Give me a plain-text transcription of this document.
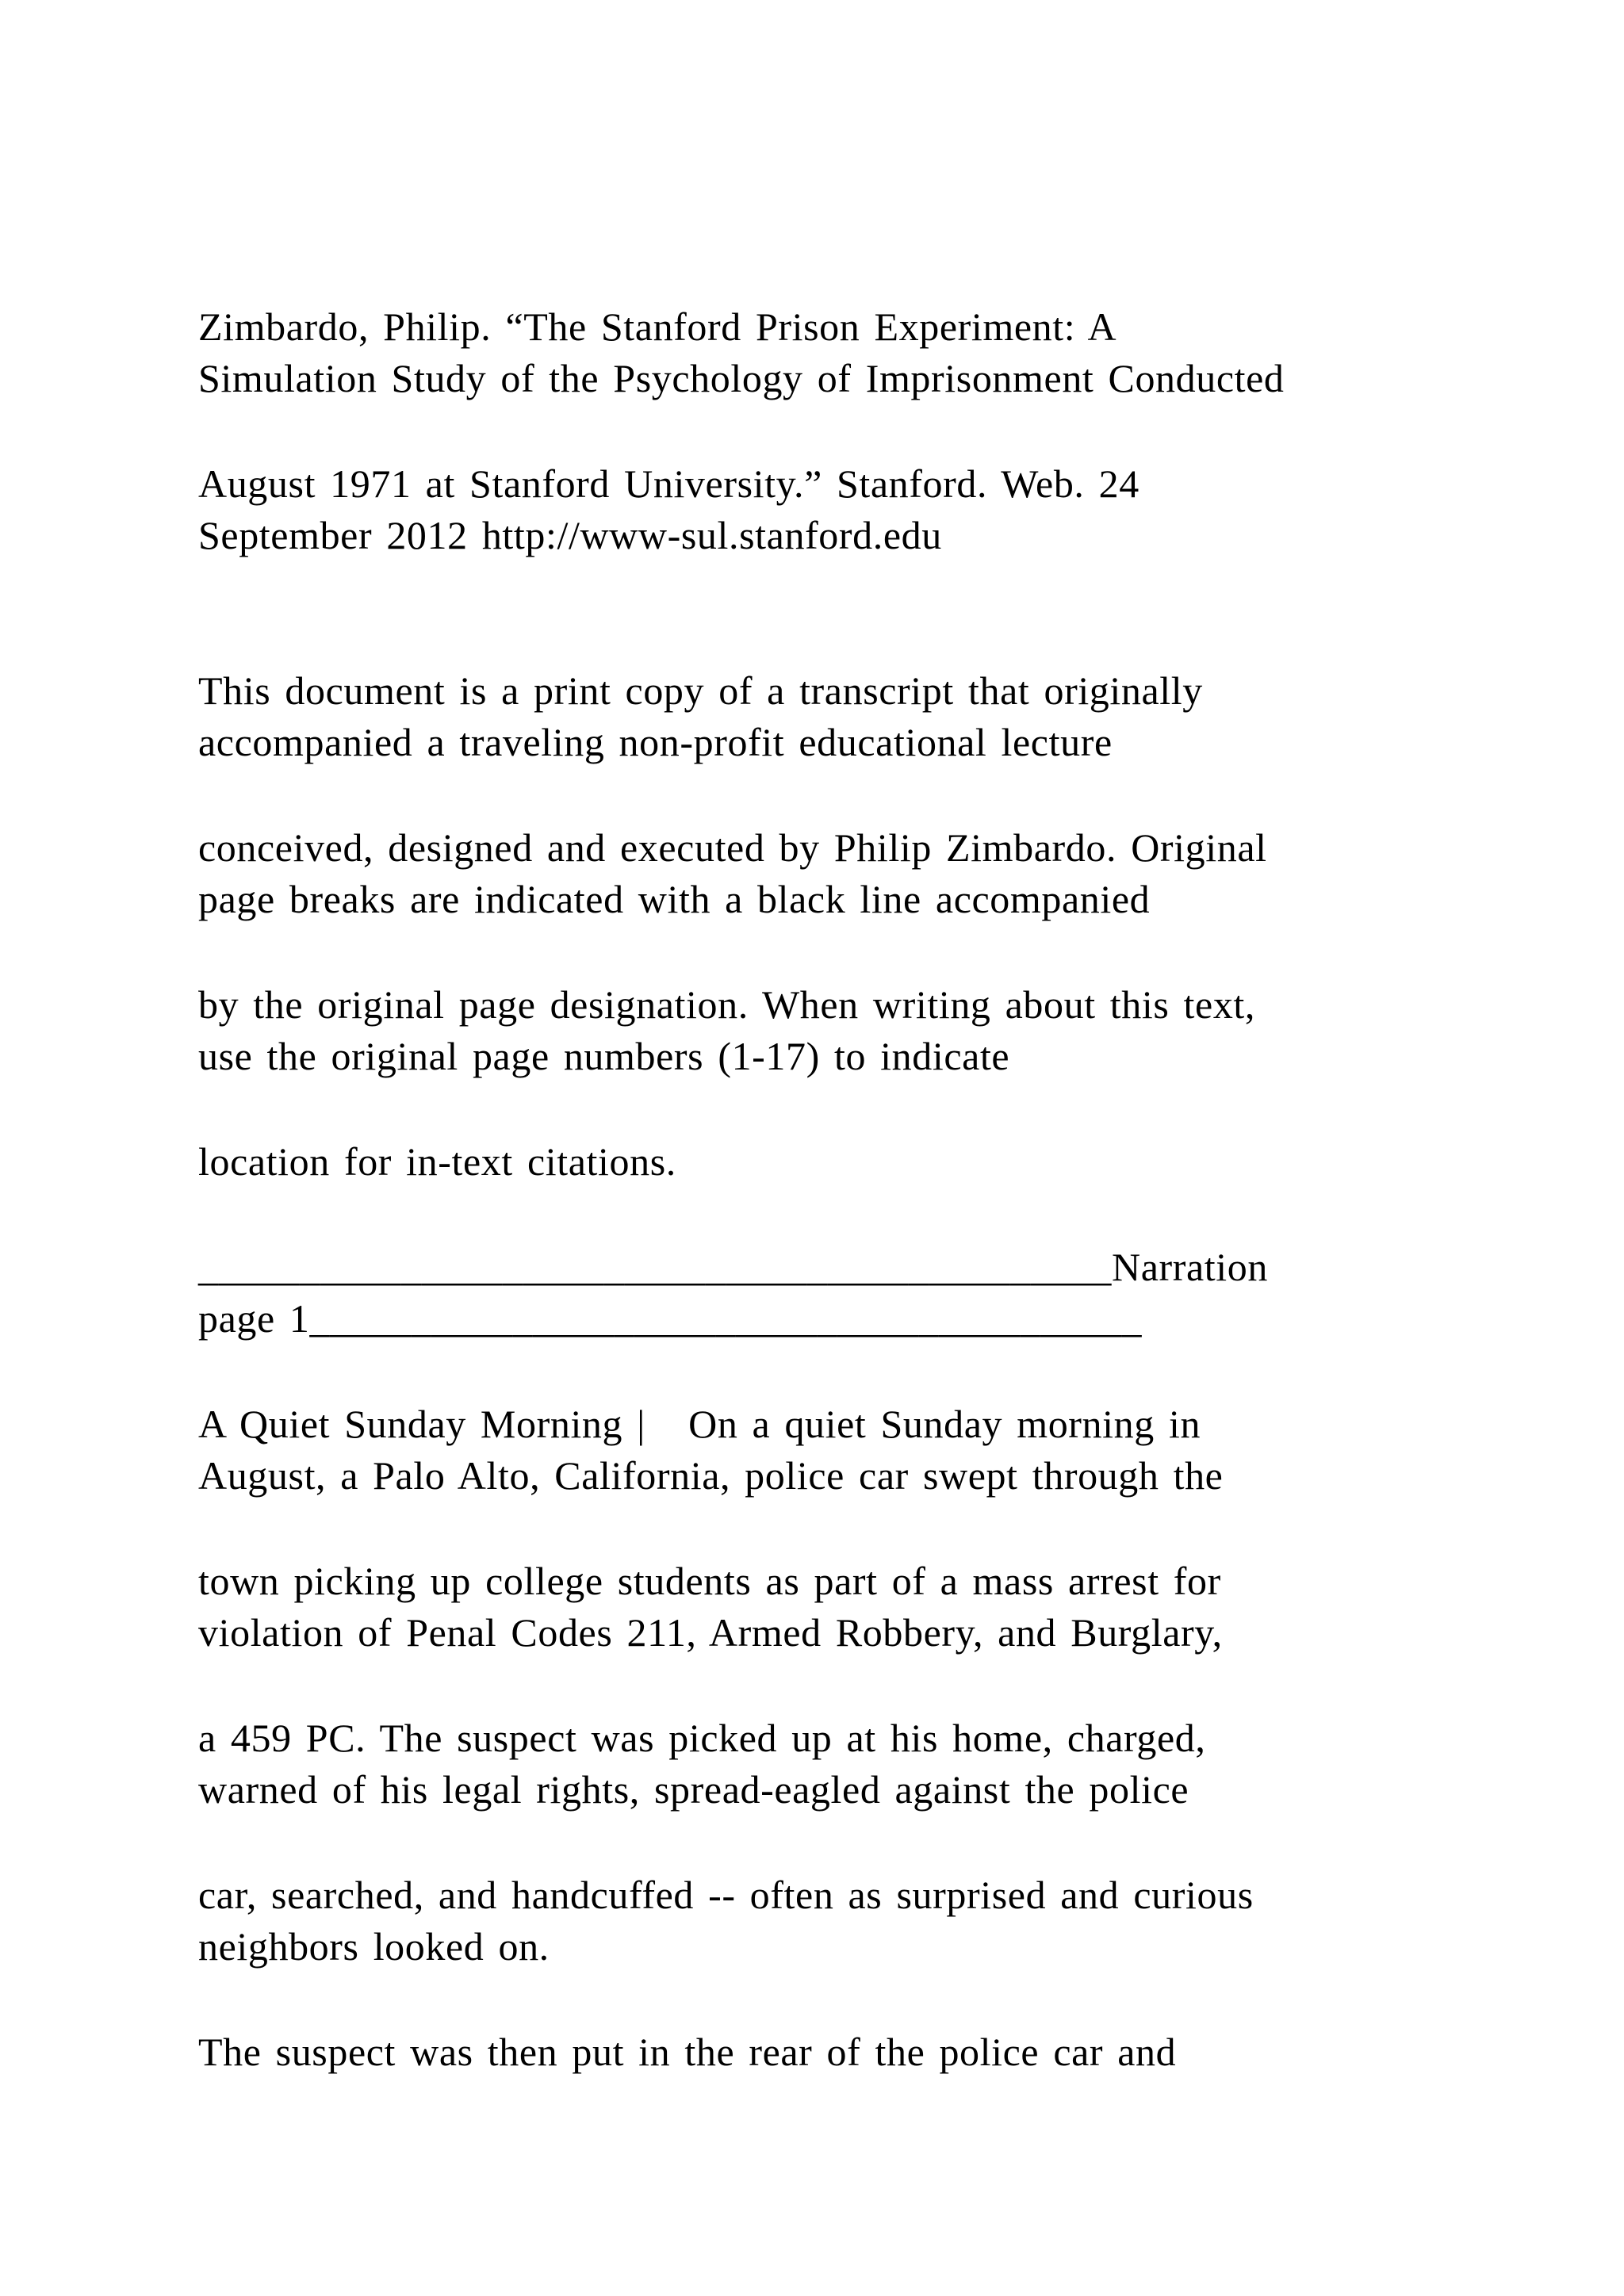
Zimbardo, Philip. “The Stanford Prison Experiment: A
Simulation Study of the Psychology of Imprisonment Conducted
August 1971 at Stanford University.” Stanford. Web. 24
September 2012 http://www-sul.stanford.edu
This document is a print copy of a transcript that originally
accompanied a traveling non-profit educational lecture
conceived, designed and executed by Philip Zimbardo. Original
page breaks are indicated with a black line accompanied
by the original page designation. When writing about this text,
use the original page numbers (1-17) to indicate
location for in-text citations.
_____________________________________________Narration
page 1_________________________________________
A Quiet Sunday Morning |   On a quiet Sunday morning in
August, a Palo Alto, California, police car swept through the
town picking up college students as part of a mass arrest for
violation of Penal Codes 211, Armed Robbery, and Burglary,
a 459 PC. The suspect was picked up at his home, charged,
warned of his legal rights, spread-eagled against the police
car, searched, and handcuffed -- often as surprised and curious
neighbors looked on.
The suspect was then put in the rear of the police car and
